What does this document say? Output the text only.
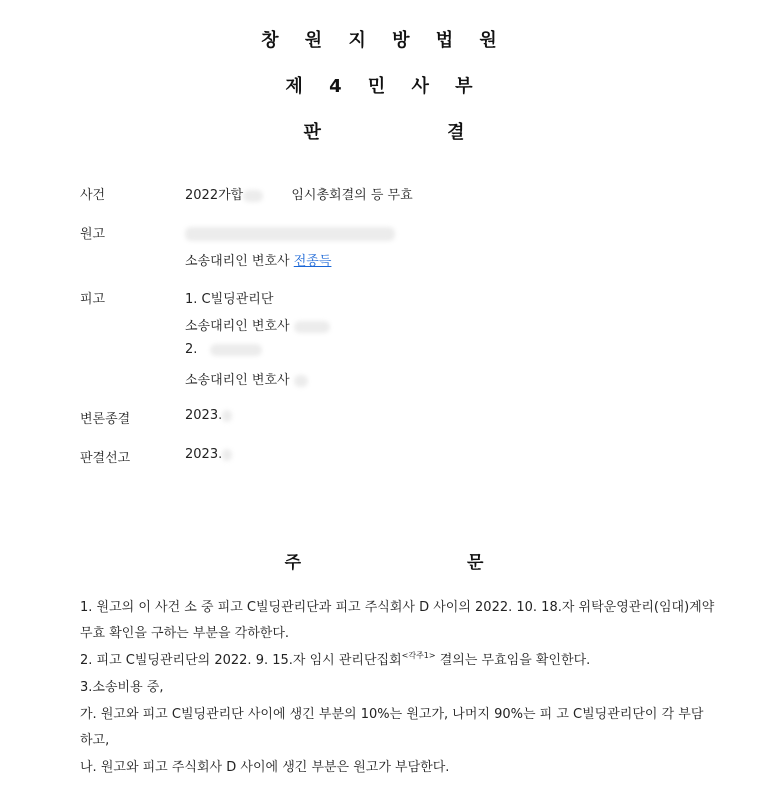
창 원 지 방 법 원
제 4 민 사 부
판 결
사건	2022가합	임시총회결의 등 무효
원고
소송대리인 변호사 전종득
피고	1. C빌딩관리단
소송대리인 변호사
2.
소송대리인 변호사
변론종결	2023.
판결선고	2023.
주 문
1. 원고의 이 사건 소 중 피고 C빌딩관리단과 피고 주식회사 D 사이의 2022. 10. 18.자 위탁운영관리(임대)계약
무효 확인을 구하는 부분을 각하한다.
2. 피고 C빌딩관리단의 2022. 9. 15.자 임시 관리단집회$^{<각주1>}$ 결의는 무효임을 확인한다.
3.소송비용 중,
가. 원고와 피고 C빌딩관리단 사이에 생긴 부분의 10%는 원고가, 나머지 90%는 피 고 C빌딩관리단이 각 부담
하고,
나. 원고와 피고 주식회사 D 사이에 생긴 부분은 원고가 부담한다.
